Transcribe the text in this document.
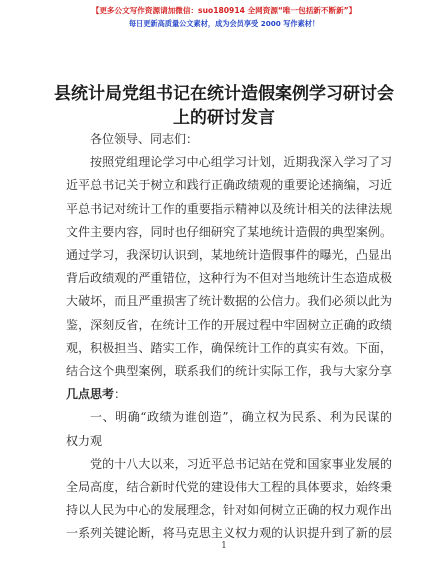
【更多公文写作资源请加微信：suo180914 全网资源“唯一包括新不断新”】
每日更新高质量公文素材，成为会员享受 2000 写作素材！
县统计局党组书记在统计造假案例学习研讨会
上的研讨发言
各位领导、同志们：
按照党组理论学习中心组学习计划，近期我深入学习了习
近平总书记关于树立和践行正确政绩观的重要论述摘编，习近
平总书记对统计工作的重要指示精神以及统计相关的法律法规
文件主要内容，同时也仔细研究了某地统计造假的典型案例。
通过学习，我深切认识到，某地统计造假事件的曝光，凸显出
背后政绩观的严重错位，这种行为不但对当地统计生态造成极
大破坏，而且严重损害了统计数据的公信力。我们必须以此为
鉴，深刻反省，在统计工作的开展过程中牢固树立正确的政绩
观，积极担当、踏实工作，确保统计工作的真实有效。下面，
结合这个典型案例，联系我们的统计实际工作，我与大家分享
几点思考：
一、明确“政绩为谁创造”，确立权为民系、利为民谋的
权力观
党的十八大以来，习近平总书记站在党和国家事业发展的
全局高度，结合新时代党的建设伟大工程的具体要求，始终秉
持以人民为中心的发展理念，针对如何树立正确的权力观作出
一系列关键论断，将马克思主义权力观的认识提升到了新的层
1
